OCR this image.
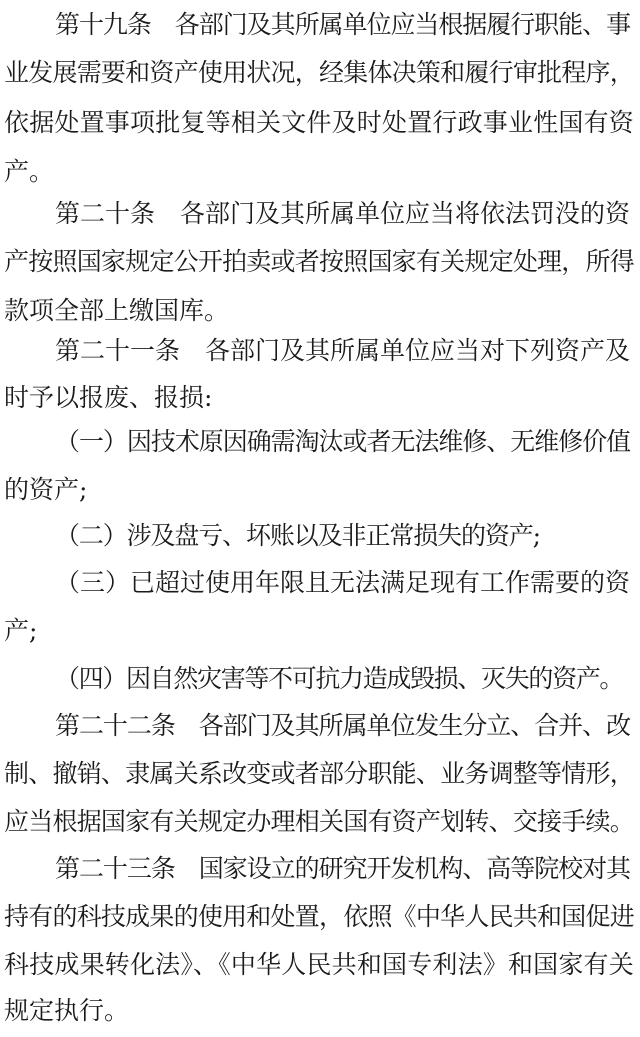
第十九条　各部门及其所属单位应当根据履行职能、事
业发展需要和资产使用状况，经集体决策和履行审批程序，
依据处置事项批复等相关文件及时处置行政事业性国有资
产。
第二十条　各部门及其所属单位应当将依法罚没的资
产按照国家规定公开拍卖或者按照国家有关规定处理，所得
款项全部上缴国库。
第二十一条　各部门及其所属单位应当对下列资产及
时予以报废、报损:
（一）因技术原因确需淘汰或者无法维修、无维修价值
的资产;
（二）涉及盘亏、坏账以及非正常损失的资产;
（三）已超过使用年限且无法满足现有工作需要的资
产;
（四）因自然灾害等不可抗力造成毁损、灭失的资产。
第二十二条　各部门及其所属单位发生分立、合并、改
制、撤销、隶属关系改变或者部分职能、业务调整等情形，
应当根据国家有关规定办理相关国有资产划转、交接手续。
第二十三条　国家设立的研究开发机构、高等院校对其
持有的科技成果的使用和处置，依照《中华人民共和国促进
科技成果转化法》、《中华人民共和国专利法》和国家有关
规定执行。
